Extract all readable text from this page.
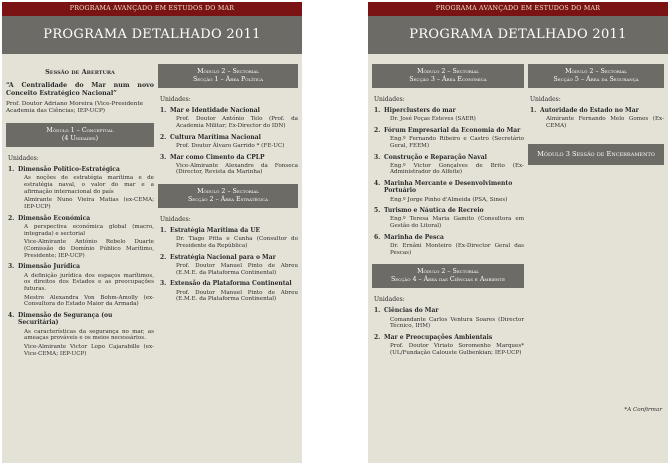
PROGRAMA AVANÇADO EM ESTUDOS DO MAR
PROGRAMA DETALHADO 2011
Sessão de Abertura
“A Centralidade do Mar num novo Conceito Estratégico Nacional”
Prof. Doutor Adriano Moreira (Vice-Presidente Academia das Ciências; IEP-UCP)
Módulo 1 – Conceptual
(4 Unidades)
Unidades:
1. Dimensão Político-Estratégica
As noções de estratégia marítima e de estratégia naval, o valor do mar e a afirmação internacional do país
Almirante Nuno Vieira Matias (ex-CEMA; IEP-UCP)
2. Dimensão Económica
A perspectiva económica global (macro, integrada) e sectorial
Vice-Almirante António Rebelo Duarte (Comissão do Domínio Público Marítimo, Presidente; IEP-UCP)
3. Dimensão Jurídica
A definição jurídica dos espaços marítimos, os direitos dos Estados e as preocupações futuras.
Mestre Alexandra Von Bohm-Amolly (ex-Consultora do Estado Maior da Armada)
4. Dimensão de Segurança (ou Securitária)
As características da segurança no mar, as ameaças prováveis e os meios necessários.
Vice-Almirante Victor Lopo Cajarabille (ex-Vice-CEMA; IEP-UCP)
Módulo 2 – Sectorial
Secção 1 – Área Política
Unidades:
1. Mar e Identidade Nacional
Prof. Doutor António Telo (Prof. da Academia Militar; Ex-Director do IDN)
2. Cultura Marítima Nacional
Prof. Doutor Álvaro Garrido * (FE-UC)
3. Mar como Cimento da CPLP
Vice-Almirante Alexandre da Fonseca (Director, Revista da Marinha)
Módulo 2 – Sectorial
Secção 2 – Área Estratégica
Unidades:
1. Estratégia Marítima da UE
Dr. Tiago Pitta e Cunha (Consultor do Presidente da República)
2. Estratégia Nacional para o Mar
Prof. Doutor Manuel Pinto de Abreu (E.M.E. da Plataforma Continental)
3. Extensão da Plataforma Continental
Prof. Doutor Manuel Pinto de Abreu (E.M.E. da Plataforma Continental)
PROGRAMA AVANÇADO EM ESTUDOS DO MAR
PROGRAMA DETALHADO 2011
Módulo 2 – Sectorial
Secção 3 – Área Económica
Unidades:
1. Hiperclusters do mar
Dr. José Poças Esteves (SAER)
2. Fórum Empresarial da Economia do Mar
Eng.º Fernando Ribeiro e Castro (Secretário Geral, FEEM)
3. Construção e Reparação Naval
Eng.º Victor Gonçalves de Brito (Ex-Administrador do Alfeite)
4. Marinha Mercante e Desenvolvimento Portuário
Eng.º Jorge Pinho d'Almeida (PSA, Sines)
5. Turismo e Náutica de Recreio
Eng.º Teresa Maria Gamito (Consultora em Gestão do Litoral)
6. Marinha de Pesca
Dr. Ernâni Monteiro (Ex-Director Geral das Pescas)
Módulo 2 – Sectorial
Secção 4 – Área das Ciências e Ambiente
Unidades:
1. Ciências do Mar
Comandante Carlos Ventura Soares (Director Técnico, IHM)
2. Mar e Preocupações Ambientais
Prof. Doutor Viriato Soromenho Marques* (UL/Fundação Calouste Gulbenkian; IEP-UCP)
Módulo 2 – Sectorial
Secção 5 – Área da Segurança
Unidades:
1. Autoridade do Estado no Mar
Almirante Fernando Melo Gomes (Ex-CEMA)
Módulo 3 Sessão de Encerramento
*A Confirmar
